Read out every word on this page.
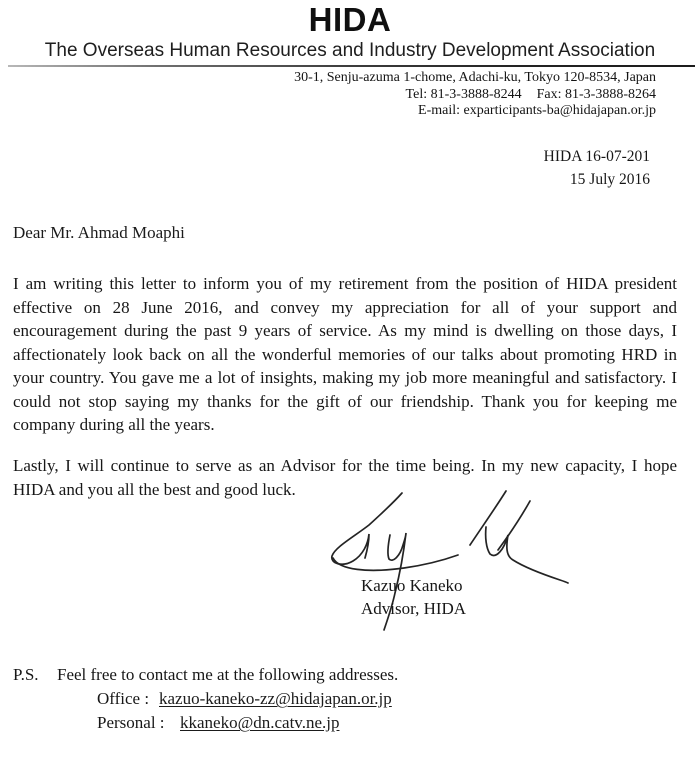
HIDA
The Overseas Human Resources and Industry Development Association
30-1, Senju-azuma 1-chome, Adachi-ku, Tokyo 120-8534, Japan
Tel: 81-3-3888-8244 Fax: 81-3-3888-8264
E-mail: exparticipants-ba@hidajapan.or.jp
HIDA 16-07-201
15 July 2016
Dear Mr. Ahmad Moaphi

I am writing this letter to inform you of my retirement from the position of HIDA president effective on 28 June 2016, and convey my appreciation for all of your support and encouragement during the past 9 years of service. As my mind is dwelling on those days, I affectionately look back on all the wonderful memories of our talks about promoting HRD in your country. You gave me a lot of insights, making my job more meaningful and satisfactory. I could not stop saying my thanks for the gift of our friendship. Thank you for keeping me company during all the years.

Lastly, I will continue to serve as an Advisor for the time being. In my new capacity, I hope HIDA and you all the best and good luck.

Kazuo Kaneko
Advisor, HIDA
P.S. Feel free to contact me at the following addresses.
Office : kazuo-kaneko-zz@hidajapan.or.jp
Personal : kkaneko@dn.catv.ne.jp
